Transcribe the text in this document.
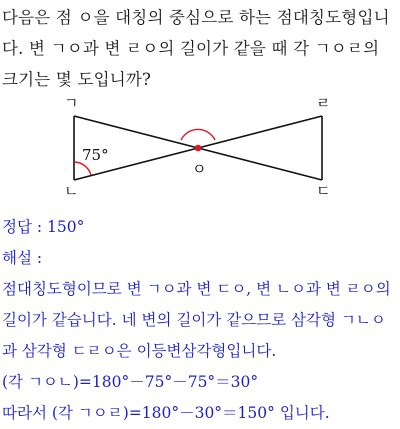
다음은 점 ㅇ을 대칭의 중심으로 하는 점대칭도형입니다. 변 ㄱㅇ과 변 ㄹㅇ의 길이가 같을 때 각 ㄱㅇㄹ의 크기는 몇 도입니까?
ㄱ
ㄴ
ㄹ
ㄷ
ㅇ
75°
정답 : 150°
해설 :
점대칭도형이므로 변 ㄱㅇ과 변 ㄷㅇ, 변 ㄴㅇ과 변 ㄹㅇ의 길이가 같습니다. 네 변의 길이가 같으므로 삼각형 ㄱㄴㅇ과 삼각형 ㄷㄹㅇ은 이등변삼각형입니다.
(각 ㄱㅇㄴ)=180°－75°－75°＝30°
따라서 (각 ㄱㅇㄹ)=180°－30°＝150° 입니다.
